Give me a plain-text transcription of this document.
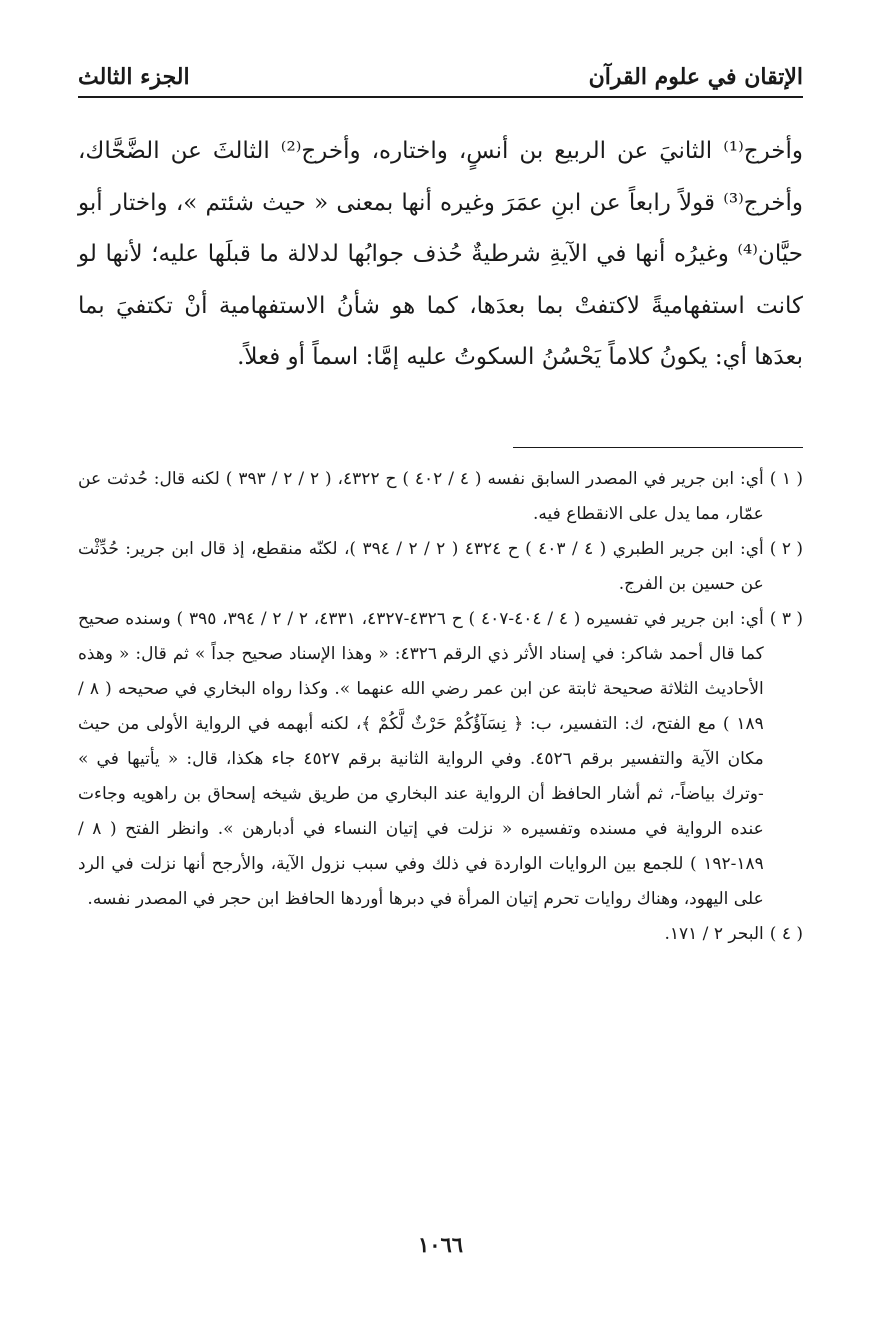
الإتقان في علوم القرآن
الجزء الثالث

وأخرج⁽¹⁾ الثانيَ عن الربيع بن أنسٍ، واختاره، وأخرج⁽²⁾ الثالثَ عن الضَّحَّاك، وأخرج⁽³⁾ قولاً رابعاً عن ابنِ عمَرَ وغيره أنها بمعنى « حيث شئتم »، واختار أبو حيَّان⁽⁴⁾ وغيرُه أنها في الآيةِ شرطيةٌ حُذف جوابُها لدلالة ما قبلَها عليه؛ لأنها لو كانت استفهاميةً لاكتفتْ بما بعدَها، كما هو شأنُ الاستفهامية أنْ تكتفيَ بما بعدَها أي: يكونُ كلاماً يَحْسُنُ السكوتُ عليه إمَّا: اسماً أو فعلاً.

( ١ )
أي: ابن جرير في المصدر السابق نفسه ( ٤ / ٤٠٢ ) ح ٤٣٢٢، ( ٢ / ٢ / ٣٩٣ ) لكنه قال: حُدثت عن عمّار، مما يدل على الانقطاع فيه.
( ٢ )
أي: ابن جرير الطبري ( ٤ / ٤٠٣ ) ح ٤٣٢٤ ( ٢ / ٢ / ٣٩٤ )، لكنّه منقطع، إذ قال ابن جرير: حُدِّثْت عن حسين بن الفرج.
( ٣ )
أي: ابن جرير في تفسيره ( ٤ / ٤٠٤-٤٠٧ ) ح ٤٣٢٦-٤٣٢٧، ٤٣٣١، ٢ / ٢ / ٣٩٤، ٣٩٥ ) وسنده صحيح كما قال أحمد شاكر: في إسناد الأثر ذي الرقم ٤٣٢٦: « وهذا الإسناد صحيح جداً » ثم قال: « وهذه الأحاديث الثلاثة صحيحة ثابتة عن ابن عمر رضي الله عنهما ». وكذا رواه البخاري في صحيحه ( ٨ / ١٨٩ ) مع الفتح، ك: التفسير، ب: ﴿ نِسَآؤُكُمْ حَرْثٌ لَّكُمْ ﴾، لكنه أبهمه في الرواية الأولى من حيث مكان الآية والتفسير برقم ٤٥٢٦. وفي الرواية الثانية برقم ٤٥٢٧ جاء هكذا، قال: « يأتيها في » -وترك بياضاً-، ثم أشار الحافظ أن الرواية عند البخاري من طريق شيخه إسحاق بن راهويه وجاءت عنده الرواية في مسنده وتفسيره « نزلت في إتيان النساء في أدبارهن ». وانظر الفتح ( ٨ / ١٨٩-١٩٢ ) للجمع بين الروايات الواردة في ذلك وفي سبب نزول الآية، والأرجح أنها نزلت في الرد على اليهود، وهناك روايات تحرم إتيان المرأة في دبرها أوردها الحافظ ابن حجر في المصدر نفسه.
( ٤ )
البحر ٢ / ١٧١.
١٠٦٦
